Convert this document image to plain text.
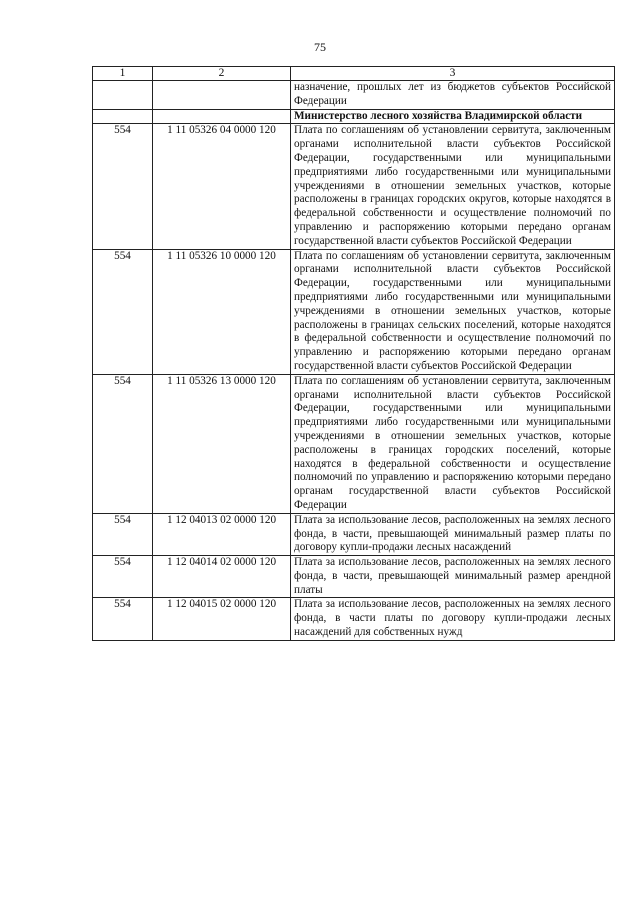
75
1	2	3
		назначение, прошлых лет из бюджетов субъектов Российской Федерации
		Министерство лесного хозяйства Владимирской области
554	1 11 05326 04 0000 120	Плата по соглашениям об установлении сервитута, заключенным органами исполнительной власти субъектов Российской Федерации, государственными или муниципальными предприятиями либо государственными или муниципальными учреждениями в отношении земельных участков, которые расположены в границах городских округов, которые находятся в федеральной собственности и осуществление полномочий по управлению и распоряжению которыми передано органам государственной власти субъектов Российской Федерации
554	1 11 05326 10 0000 120	Плата по соглашениям об установлении сервитута, заключенным органами исполнительной власти субъектов Российской Федерации, государственными или муниципальными предприятиями либо государственными или муниципальными учреждениями в отношении земельных участков, которые расположены в границах сельских поселений, которые находятся в федеральной собственности и осуществление полномочий по управлению и распоряжению которыми передано органам государственной власти субъектов Российской Федерации
554	1 11 05326 13 0000 120	Плата по соглашениям об установлении сервитута, заключенным органами исполнительной власти субъектов Российской Федерации, государственными или муниципальными предприятиями либо государственными или муниципальными учреждениями в отношении земельных участков, которые расположены в границах городских поселений, которые находятся в федеральной собственности и осуществление полномочий по управлению и распоряжению которыми передано органам государственной власти субъектов Российской Федерации
554	1 12 04013 02 0000 120	Плата за использование лесов, расположенных на землях лесного фонда, в части, превышающей минимальный размер платы по договору купли-продажи лесных насаждений
554	1 12 04014 02 0000 120	Плата за использование лесов, расположенных на землях лесного фонда, в части, превышающей минимальный размер арендной платы
554	1 12 04015 02 0000 120	Плата за использование лесов, расположенных на землях лесного фонда, в части платы по договору купли-продажи лесных насаждений для собственных нужд
